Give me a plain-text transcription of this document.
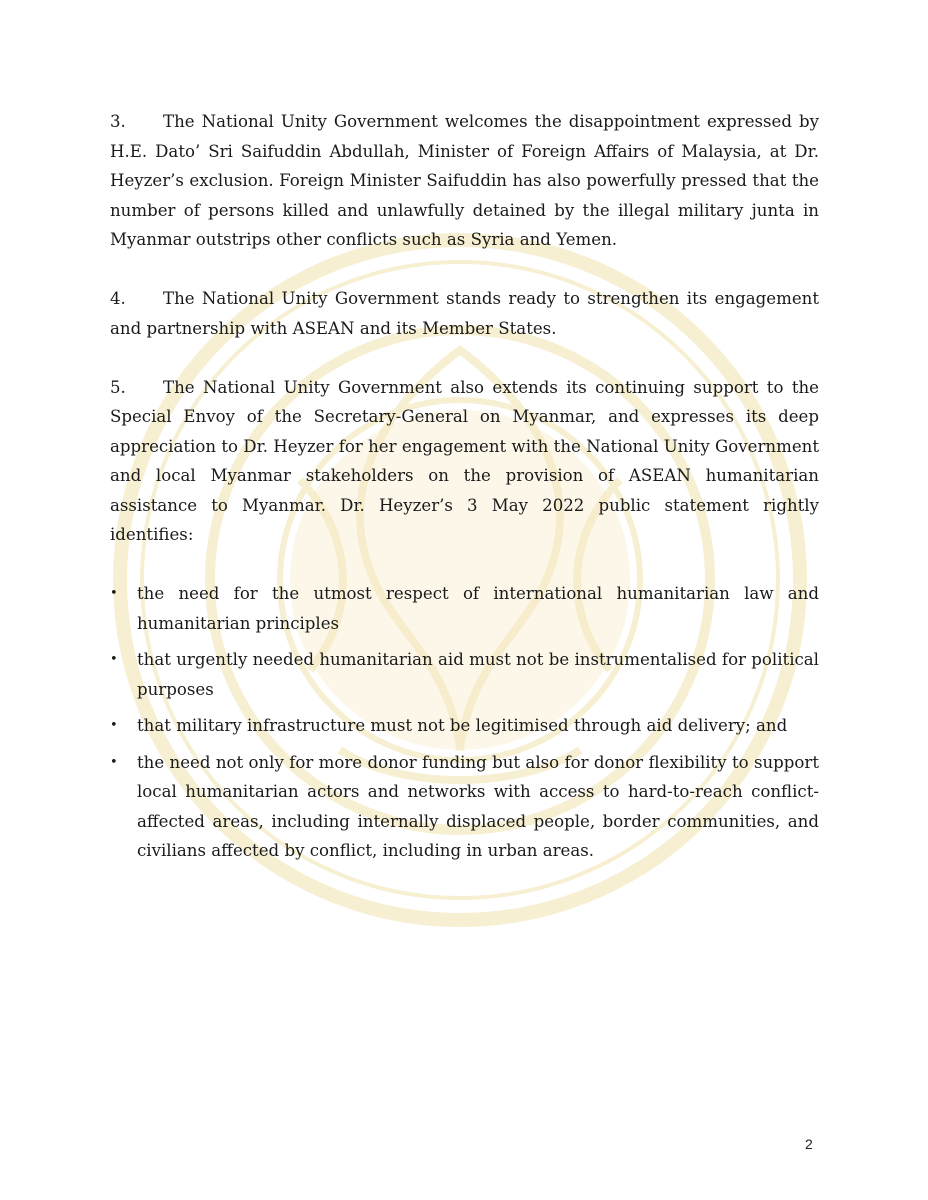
3. The National Unity Government welcomes the disappointment expressed by H.E. Dato’ Sri Saifuddin Abdullah, Minister of Foreign Affairs of Malaysia, at Dr. Heyzer’s exclusion. Foreign Minister Saifuddin has also powerfully pressed that the number of persons killed and unlawfully detained by the illegal military junta in Myanmar outstrips other conflicts such as Syria and Yemen.

4. The National Unity Government stands ready to strengthen its engagement and partnership with ASEAN and its Member States.

5. The National Unity Government also extends its continuing support to the Special Envoy of the Secretary-General on Myanmar, and expresses its deep appreciation to Dr. Heyzer for her engagement with the National Unity Government and local Myanmar stakeholders on the provision of ASEAN humanitarian assistance to Myanmar. Dr. Heyzer’s 3 May 2022 public statement rightly identifies:

• the need for the utmost respect of international humanitarian law and humanitarian principles
• that urgently needed humanitarian aid must not be instrumentalised for political purposes
• that military infrastructure must not be legitimised through aid delivery; and
• the need not only for more donor funding but also for donor flexibility to support local humanitarian actors and networks with access to hard-to-reach conflict-affected areas, including internally displaced people, border communities, and civilians affected by conflict, including in urban areas.
2
